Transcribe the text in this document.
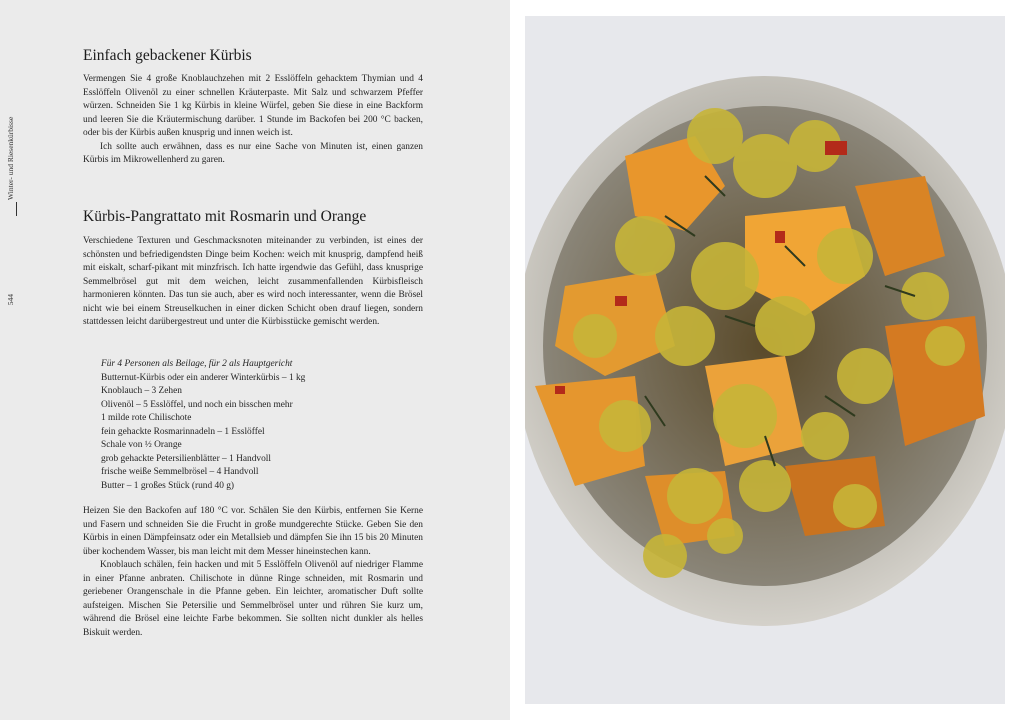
Winter- und Riesenkürbisse
544
Einfach gebackener Kürbis
Vermengen Sie 4 große Knoblauchzehen mit 2 Esslöffeln gehacktem Thymian und 4 Esslöffeln Olivenöl zu einer schnellen Kräuterpaste. Mit Salz und schwarzem Pfeffer würzen. Schneiden Sie 1 kg Kürbis in kleine Würfel, geben Sie diese in eine Backform und leeren Sie die Kräutermischung darüber. 1 Stunde im Backofen bei 200 °C backen, oder bis der Kürbis außen knusprig und innen weich ist.
Ich sollte auch erwähnen, dass es nur eine Sache von Minuten ist, einen ganzen Kürbis im Mikrowellenherd zu garen.
Kürbis-Pangrattato mit Rosmarin und Orange
Verschiedene Texturen und Geschmacksnoten miteinander zu verbinden, ist eines der schönsten und befriedigendsten Dinge beim Kochen: weich mit knusprig, dampfend heiß mit eiskalt, scharf-pikant mit minzfrisch. Ich hatte irgendwie das Gefühl, dass knusprige Semmelbrösel gut mit dem weichen, leicht zusammenfallenden Kürbisfleisch harmonieren könnten. Das tun sie auch, aber es wird noch interessanter, wenn die Brösel nicht wie bei einem Streuselkuchen in einer dicken Schicht oben drauf liegen, sondern stattdessen leicht darübergestreut und unter die Kürbisstücke gemischt werden.
Für 4 Personen als Beilage, für 2 als Hauptgericht
Butternut-Kürbis oder ein anderer Winterkürbis – 1 kg
Knoblauch – 3 Zehen
Olivenöl – 5 Esslöffel, und noch ein bisschen mehr
1 milde rote Chilischote
fein gehackte Rosmarinnadeln – 1 Esslöffel
Schale von ½ Orange
grob gehackte Petersilienblätter – 1 Handvoll
frische weiße Semmelbrösel – 4 Handvoll
Butter – 1 großes Stück (rund 40 g)
Heizen Sie den Backofen auf 180 °C vor. Schälen Sie den Kürbis, entfernen Sie Kerne und Fasern und schneiden Sie die Frucht in große mundgerechte Stücke. Geben Sie den Kürbis in einen Dämpfeinsatz oder ein Metallsieb und dämpfen Sie ihn 15 bis 20 Minuten über kochendem Wasser, bis man leicht mit dem Messer hineinstechen kann.
Knoblauch schälen, fein hacken und mit 5 Esslöffeln Olivenöl auf niedriger Flamme in einer Pfanne anbraten. Chilischote in dünne Ringe schneiden, mit Rosmarin und geriebener Orangenschale in die Pfanne geben. Ein leichter, aromatischer Duft sollte aufsteigen. Mischen Sie Petersilie und Semmelbrösel unter und rühren Sie kurz um, während die Brösel eine leichte Farbe bekommen. Sie sollten nicht dunkler als helles Biskuit werden.
